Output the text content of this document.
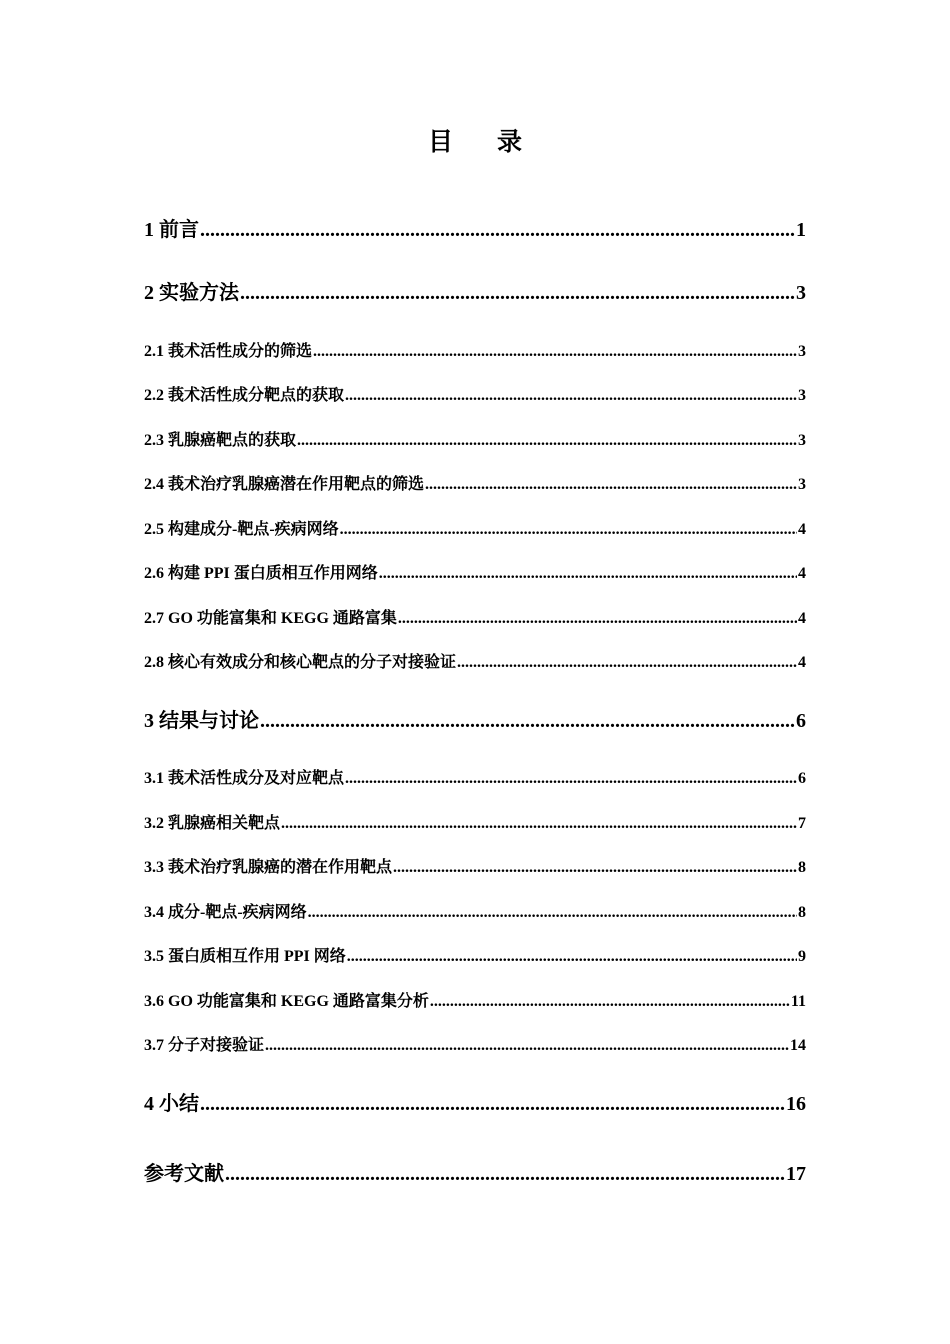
目录
1 前言 .....	1
2 实验方法 .....	3
2.1 莪术活性成分的筛选 .....	3
2.2 莪术活性成分靶点的获取 .....	3
2.3 乳腺癌靶点的获取 .....	3
2.4 莪术治疗乳腺癌潜在作用靶点的筛选 .....	3
2.5 构建成分-靶点-疾病网络 .....	4
2.6 构建 PPI 蛋白质相互作用网络 .....	4
2.7 GO 功能富集和 KEGG 通路富集 .....	4
2.8 核心有效成分和核心靶点的分子对接验证 .....	4
3 结果与讨论 .....	6
3.1 莪术活性成分及对应靶点 .....	6
3.2 乳腺癌相关靶点 .....	7
3.3 莪术治疗乳腺癌的潜在作用靶点 .....	8
3.4 成分-靶点-疾病网络 .....	8
3.5 蛋白质相互作用 PPI 网络 .....	9
3.6 GO 功能富集和 KEGG 通路富集分析 .....	11
3.7 分子对接验证 .....	14
4 小结 .....	16
参考文献 .....	17
